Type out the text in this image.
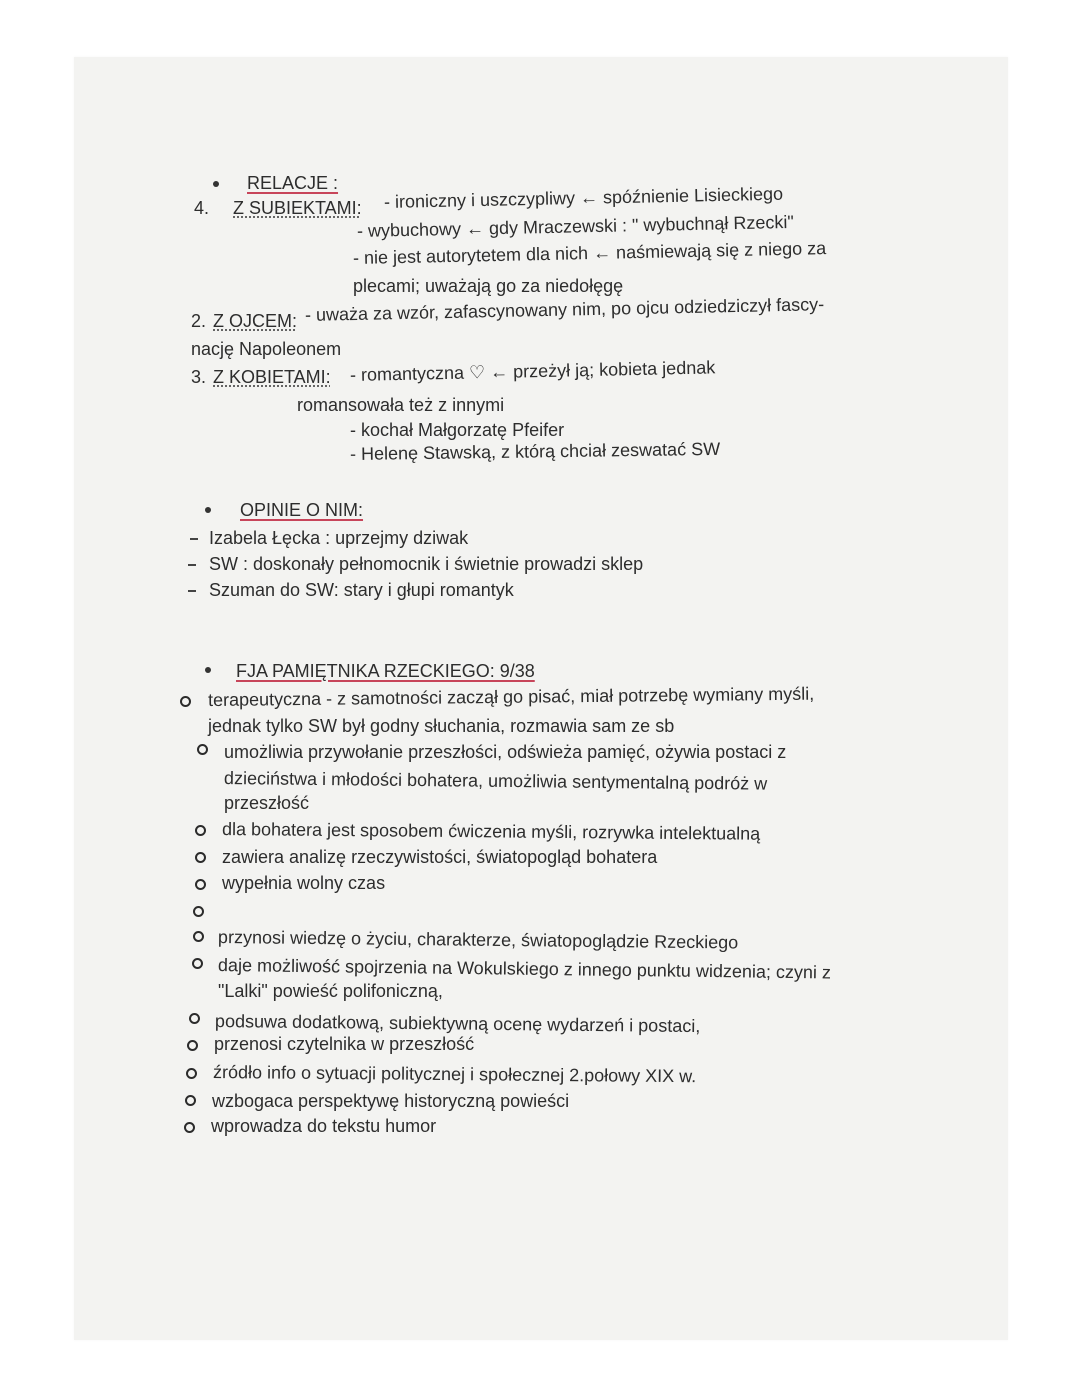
RELACJE :
4. Z SUBIEKTAMI: - ironiczny i uszczypliwy ← spóźnienie Lisieckiego
- wybuchowy ← gdy Mraczewski : " wybuchnął Rzecki"
- nie jest autorytetem dla nich ← naśmiewają się z niego za
plecami; uważają go za niedołęgę
2. Z OJCEM: - uważa za wzór, zafascynowany nim, po ojcu odziedziczył fascy-
nację Napoleonem
3. Z KOBIETAMI: - romantyczna ♡ ← przeżył ją; kobieta jednak
romansowała też z innymi
- kochał Małgorzatę Pfeifer
- Helenę Stawską, z którą chciał zeswatać SW
OPINIE O NIM:
Izabela Łęcka : uprzejmy dziwak
SW : doskonały pełnomocnik i świetnie prowadzi sklep
Szuman do SW: stary i głupi romantyk
FJA PAMIĘTNIKA RZECKIEGO: 9/38
terapeutyczna - z samotności zaczął go pisać, miał potrzebę wymiany myśli,
jednak tylko SW był godny słuchania, rozmawia sam ze sb
umożliwia przywołanie przeszłości, odświeża pamięć, ożywia postaci z
dzieciństwa i młodości bohatera, umożliwia sentymentalną podróż w
przeszłość
dla bohatera jest sposobem ćwiczenia myśli, rozrywka intelektualną
zawiera analizę rzeczywistości, światopogląd bohatera
wypełnia wolny czas
przynosi wiedzę o życiu, charakterze, światopoglądzie Rzeckiego
daje możliwość spojrzenia na Wokulskiego z innego punktu widzenia; czyni z
"Lalki" powieść polifoniczną,
podsuwa dodatkową, subiektywną ocenę wydarzeń i postaci,
przenosi czytelnika w przeszłość
źródło info o sytuacji politycznej i społecznej 2.połowy XIX w.
wzbogaca perspektywę historyczną powieści
wprowadza do tekstu humor
